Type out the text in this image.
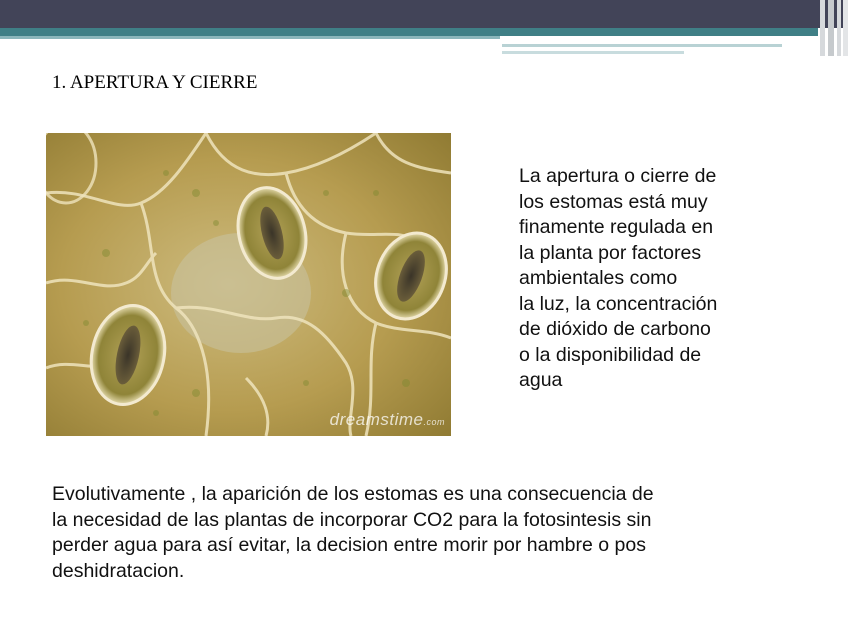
1. APERTURA Y CIERRE
dreamstime.com
La apertura o cierre de
los estomas está muy
finamente regulada en
la planta por factores
ambientales como
la luz, la concentración
de dióxido de carbono
o la disponibilidad de
agua
Evolutivamente , la aparición de los estomas es una consecuencia de
la necesidad de las plantas de incorporar CO2 para la fotosintesis sin
perder agua para así evitar, la decision entre morir por hambre o pos
deshidratacion.
